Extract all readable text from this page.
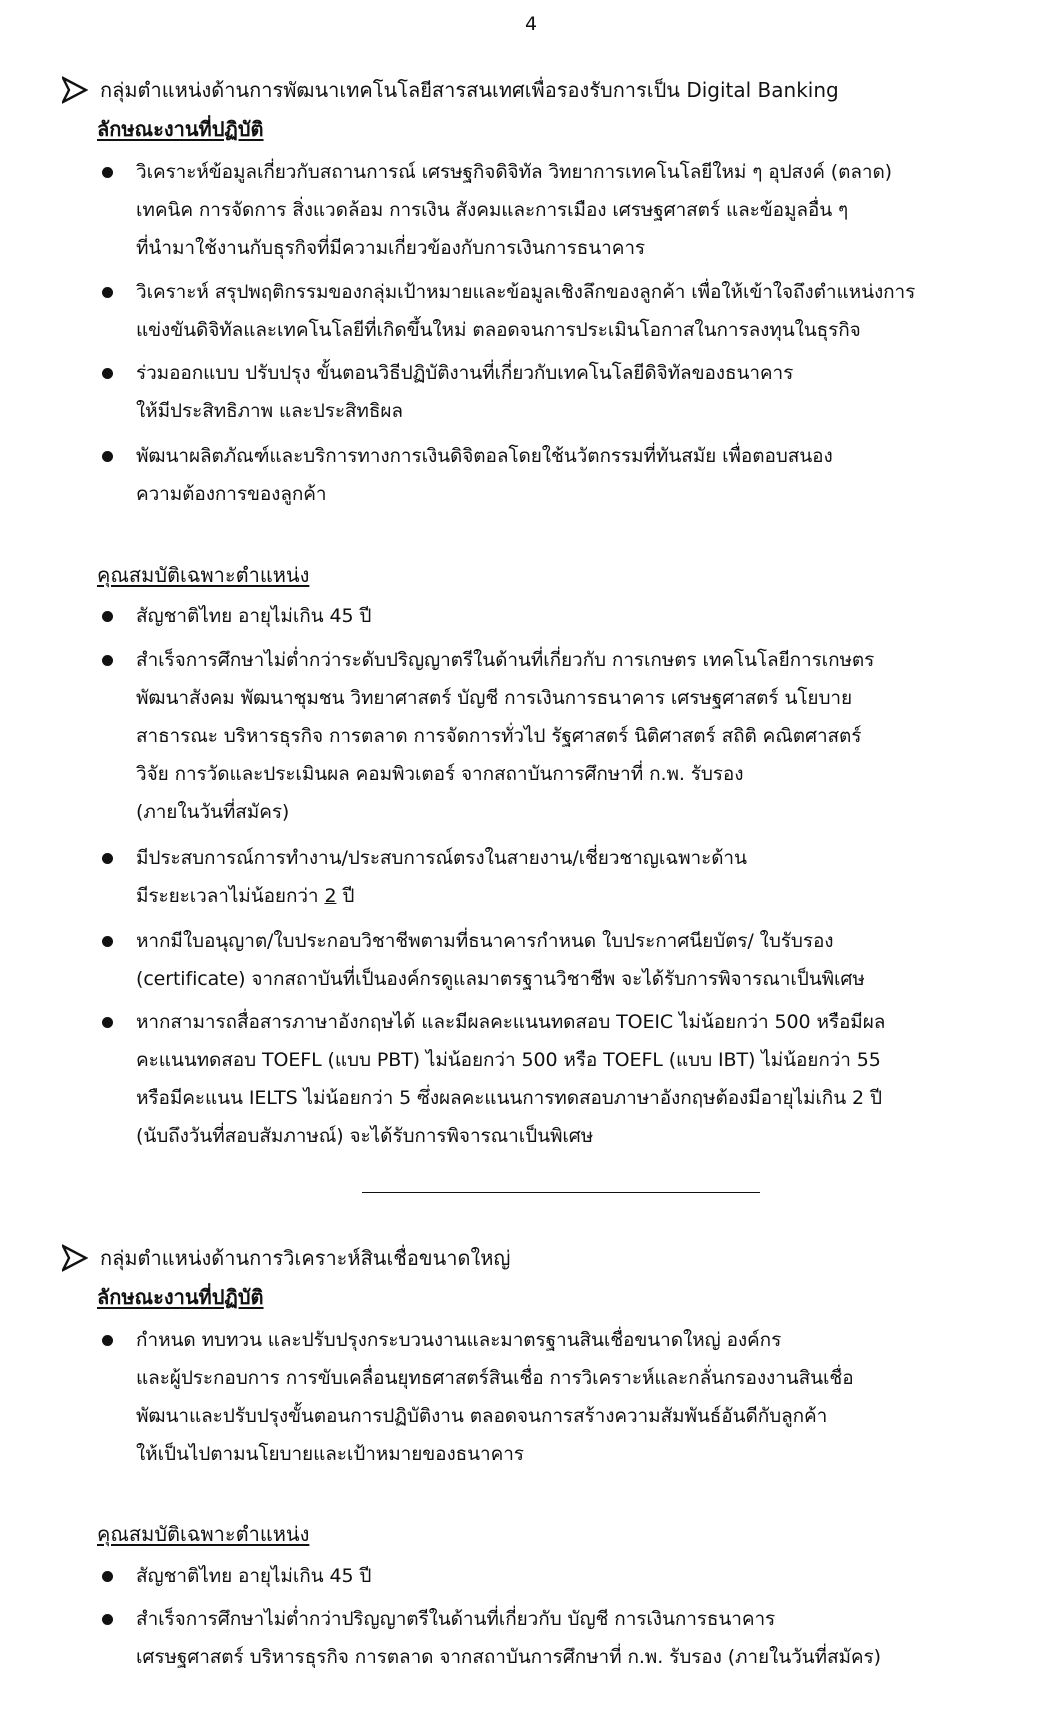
4
กลุ่มตำแหน่งด้านการพัฒนาเทคโนโลยีสารสนเทศเพื่อรองรับการเป็น Digital Banking
ลักษณะงานที่ปฏิบัติ
วิเคราะห์ข้อมูลเกี่ยวกับสถานการณ์ เศรษฐกิจดิจิทัล วิทยาการเทคโนโลยีใหม่ ๆ อุปสงค์ (ตลาด)
เทคนิค การจัดการ สิ่งแวดล้อม การเงิน สังคมและการเมือง เศรษฐศาสตร์ และข้อมูลอื่น ๆ
ที่นำมาใช้งานกับธุรกิจที่มีความเกี่ยวข้องกับการเงินการธนาคาร
วิเคราะห์ สรุปพฤติกรรมของกลุ่มเป้าหมายและข้อมูลเชิงลึกของลูกค้า เพื่อให้เข้าใจถึงตำแหน่งการ
แข่งขันดิจิทัลและเทคโนโลยีที่เกิดขึ้นใหม่ ตลอดจนการประเมินโอกาสในการลงทุนในธุรกิจ
ร่วมออกแบบ ปรับปรุง ขั้นตอนวิธีปฏิบัติงานที่เกี่ยวกับเทคโนโลยีดิจิทัลของธนาคาร
ให้มีประสิทธิภาพ และประสิทธิผล
พัฒนาผลิตภัณฑ์และบริการทางการเงินดิจิตอลโดยใช้นวัตกรรมที่ทันสมัย เพื่อตอบสนอง
ความต้องการของลูกค้า
คุณสมบัติเฉพาะตำแหน่ง
สัญชาติไทย อายุไม่เกิน 45 ปี
สำเร็จการศึกษาไม่ต่ำกว่าระดับปริญญาตรีในด้านที่เกี่ยวกับ การเกษตร เทคโนโลยีการเกษตร
พัฒนาสังคม พัฒนาชุมชน วิทยาศาสตร์ บัญชี การเงินการธนาคาร เศรษฐศาสตร์ นโยบาย
สาธารณะ บริหารธุรกิจ การตลาด การจัดการทั่วไป รัฐศาสตร์ นิติศาสตร์ สถิติ คณิตศาสตร์
วิจัย การวัดและประเมินผล คอมพิวเตอร์ จากสถาบันการศึกษาที่ ก.พ. รับรอง
(ภายในวันที่สมัคร)
มีประสบการณ์การทำงาน/ประสบการณ์ตรงในสายงาน/เชี่ยวชาญเฉพาะด้าน
มีระยะเวลาไม่น้อยกว่า 2 ปี
หากมีใบอนุญาต/ใบประกอบวิชาชีพตามที่ธนาคารกำหนด ใบประกาศนียบัตร/ ใบรับรอง
(certificate) จากสถาบันที่เป็นองค์กรดูแลมาตรฐานวิชาชีพ จะได้รับการพิจารณาเป็นพิเศษ
หากสามารถสื่อสารภาษาอังกฤษได้ และมีผลคะแนนทดสอบ TOEIC ไม่น้อยกว่า 500 หรือมีผล
คะแนนทดสอบ TOEFL (แบบ PBT) ไม่น้อยกว่า 500 หรือ TOEFL (แบบ IBT) ไม่น้อยกว่า 55
หรือมีคะแนน IELTS ไม่น้อยกว่า 5 ซึ่งผลคะแนนการทดสอบภาษาอังกฤษต้องมีอายุไม่เกิน 2 ปี
(นับถึงวันที่สอบสัมภาษณ์) จะได้รับการพิจารณาเป็นพิเศษ
กลุ่มตำแหน่งด้านการวิเคราะห์สินเชื่อขนาดใหญ่
ลักษณะงานที่ปฏิบัติ
กำหนด ทบทวน และปรับปรุงกระบวนงานและมาตรฐานสินเชื่อขนาดใหญ่ องค์กร
และผู้ประกอบการ การขับเคลื่อนยุทธศาสตร์สินเชื่อ การวิเคราะห์และกลั่นกรองงานสินเชื่อ
พัฒนาและปรับปรุงขั้นตอนการปฏิบัติงาน ตลอดจนการสร้างความสัมพันธ์อันดีกับลูกค้า
ให้เป็นไปตามนโยบายและเป้าหมายของธนาคาร
คุณสมบัติเฉพาะตำแหน่ง
สัญชาติไทย อายุไม่เกิน 45 ปี
สำเร็จการศึกษาไม่ต่ำกว่าปริญญาตรีในด้านที่เกี่ยวกับ บัญชี การเงินการธนาคาร
เศรษฐศาสตร์ บริหารธุรกิจ การตลาด จากสถาบันการศึกษาที่ ก.พ. รับรอง (ภายในวันที่สมัคร)
